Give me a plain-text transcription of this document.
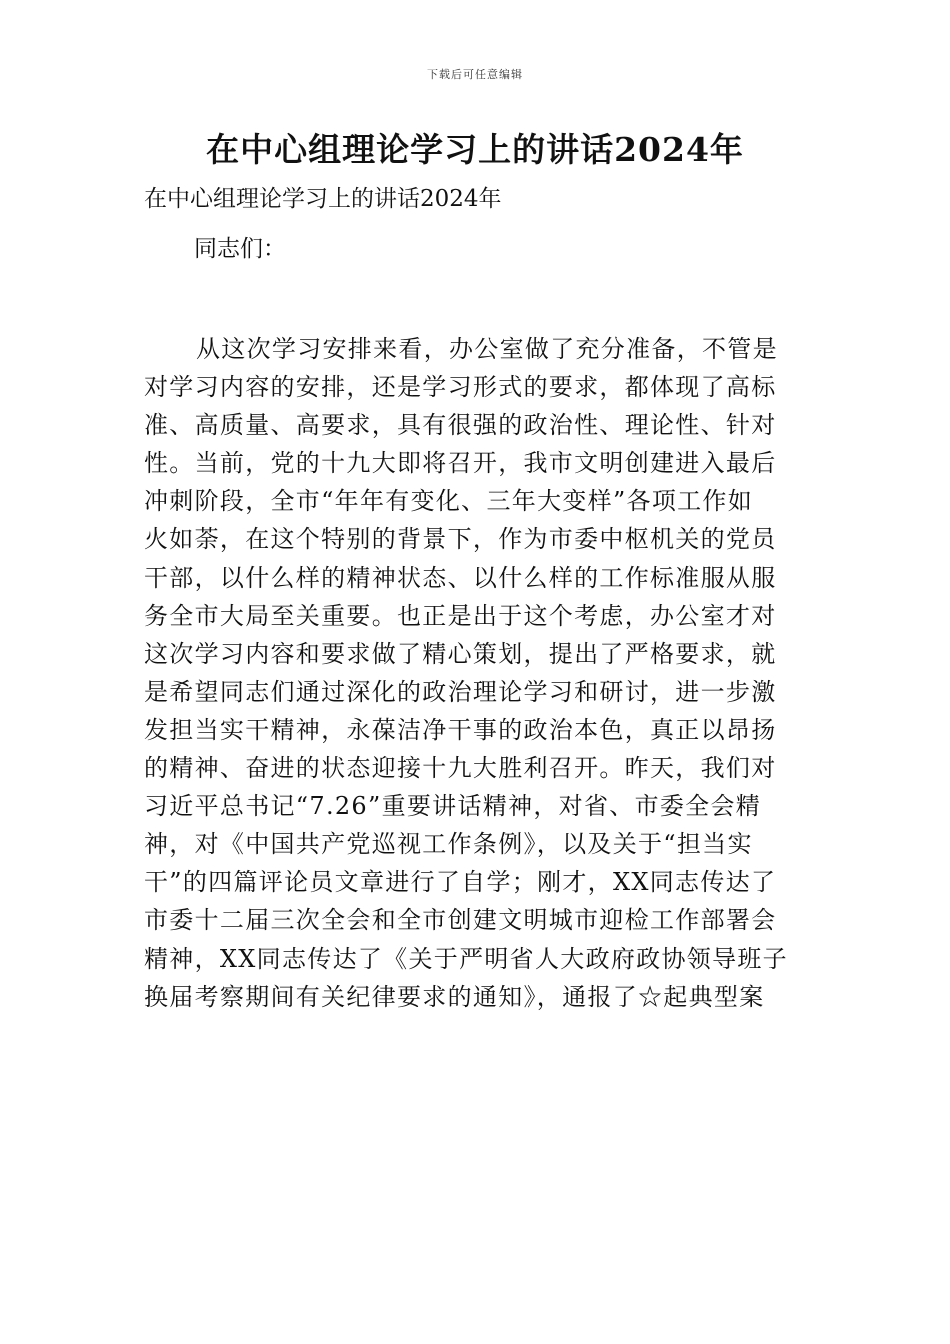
下载后可任意编辑
在中心组理论学习上的讲话2024年

在中心组理论学习上的讲话2024年

同志们：

从这次学习安排来看，办公室做了充分准备，不管是
对学习内容的安排，还是学习形式的要求，都体现了高标
准、高质量、高要求，具有很强的政治性、理论性、针对
性。当前，党的十九大即将召开，我市文明创建进入最后
冲刺阶段，全市“年年有变化、三年大变样”各项工作如
火如荼，在这个特别的背景下，作为市委中枢机关的党员
干部，以什么样的精神状态、以什么样的工作标准服从服
务全市大局至关重要。也正是出于这个考虑，办公室才对
这次学习内容和要求做了精心策划，提出了严格要求，就
是希望同志们通过深化的政治理论学习和研讨，进一步激
发担当实干精神，永葆洁净干事的政治本色，真正以昂扬
的精神、奋进的状态迎接十九大胜利召开。昨天，我们对
习近平总书记“7.26”重要讲话精神，对省、市委全会精
神，对《中国共产党巡视工作条例》，以及关于“担当实
干”的四篇评论员文章进行了自学；刚才，XX同志传达了
市委十二届三次全会和全市创建文明城市迎检工作部署会
精神，XX同志传达了《关于严明省人大政府政协领导班子
换届考察期间有关纪律要求的通知》，通报了☆起典型案
